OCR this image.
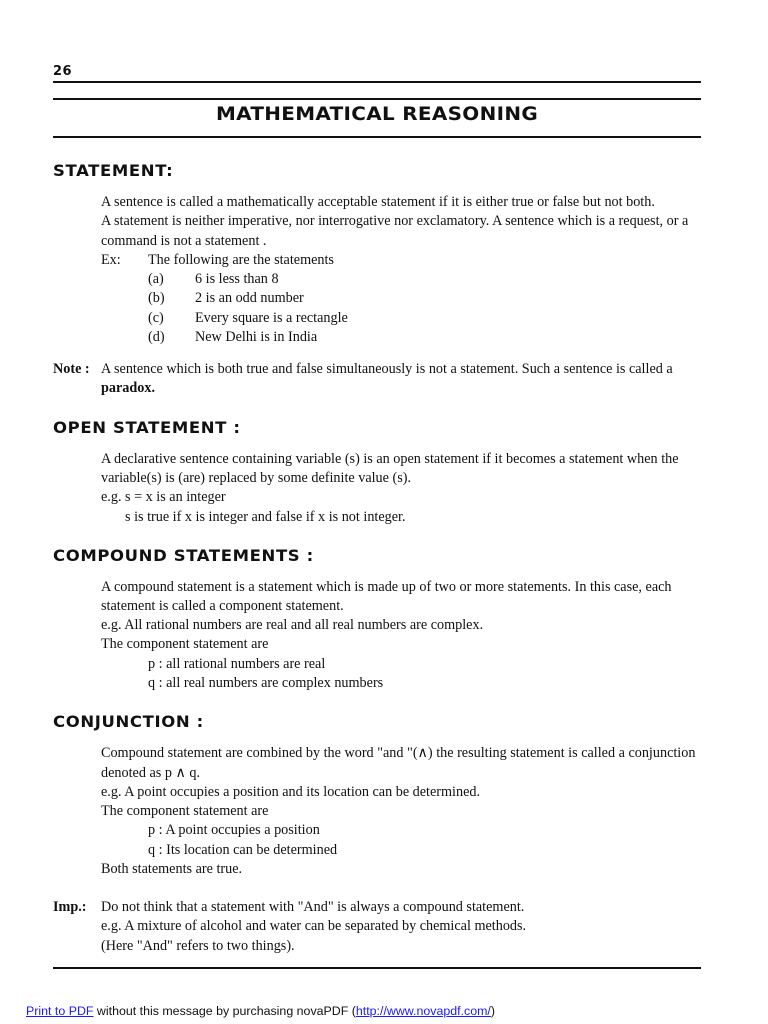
26
MATHEMATICAL REASONING
STATEMENT:
A sentence is called a mathematically acceptable statement if it is either true or false but not both.
A statement is neither imperative, nor interrogative nor exclamatory. A sentence which is a request, or a
command is not a statement .
Ex: The following are the statements
(a) 6 is less than 8
(b) 2 is an odd number
(c) Every square is a rectangle
(d) New Delhi is in India
Note : A sentence which is both true and false simultaneously is not a statement. Such a sentence is called a
paradox.
OPEN STATEMENT :
A declarative sentence containing variable (s) is an open statement if it becomes a statement when the
variable(s) is (are) replaced by some definite value (s).
e.g. s = x is an integer
s is true if x is integer and false if x is not integer.
COMPOUND STATEMENTS :
A compound statement is a statement which is made up of two or more statements. In this case, each
statement is called a component statement.
e.g. All rational numbers are real and all real numbers are complex.
The component statement are
p : all rational numbers are real
q : all real numbers are complex numbers
CONJUNCTION :
Compound statement are combined by the word "and "(∧) the resulting statement is called a conjunction
denoted as p ∧ q.
e.g. A point occupies a position and its location can be determined.
The component statement are
p : A point occupies a position
q : Its location can be determined
Both statements are true.
Imp.: Do not think that a statement with "And" is always a compound statement.
e.g. A mixture of alcohol and water can be separated by chemical methods.
(Here "And" refers to two things).
Print to PDF without this message by purchasing novaPDF (http://www.novapdf.com/)
